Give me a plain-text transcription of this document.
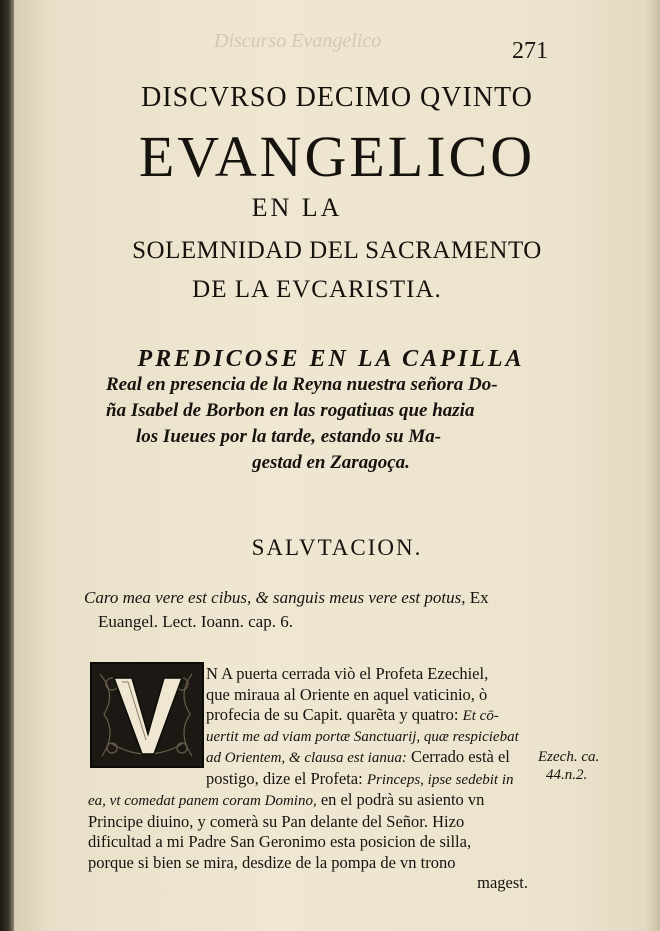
Discurso Evangelico	271
DISCVRSO DECIMO QVINTO
EVANGELICO
EN LA
SOLEMNIDAD DEL SACRAMENTO
DE LA EVCARISTIA.
PREDICOSE EN LA CAPILLA
Real en presencia de la Reyna nuestra señora Do-
ña Isabel de Borbon en las rogatiuas que hazia
los Iueues por la tarde, estando su Ma-
gestad en Zaragoça.
SALVTACION.
Caro mea vere est cibus, & sanguis meus vere est potus, Ex
Euangel. Lect. Ioann. cap. 6.
V
N A puerta cerrada viò el Profeta Ezechiel,
que miraua al Oriente en aquel vaticinio, ò
profecia de su Capit. quarẽta y quatro: Et cō-
uertit me ad viam portæ Sanctuarij, quæ respiciebat
ad Orientem, & clausa est ianua: Cerrado està el
postigo, dize el Profeta: Princeps, ipse sedebit in
ea, vt comedat panem coram Domino, en el podrà su asiento vn
Principe diuino, y comerà su Pan delante del Señor. Hizo
dificultad a mi Padre San Geronimo esta posicion de silla,
porque si bien se mira, desdize de la pompa de vn trono
magest.
Ezech. ca.
44.n.2.
